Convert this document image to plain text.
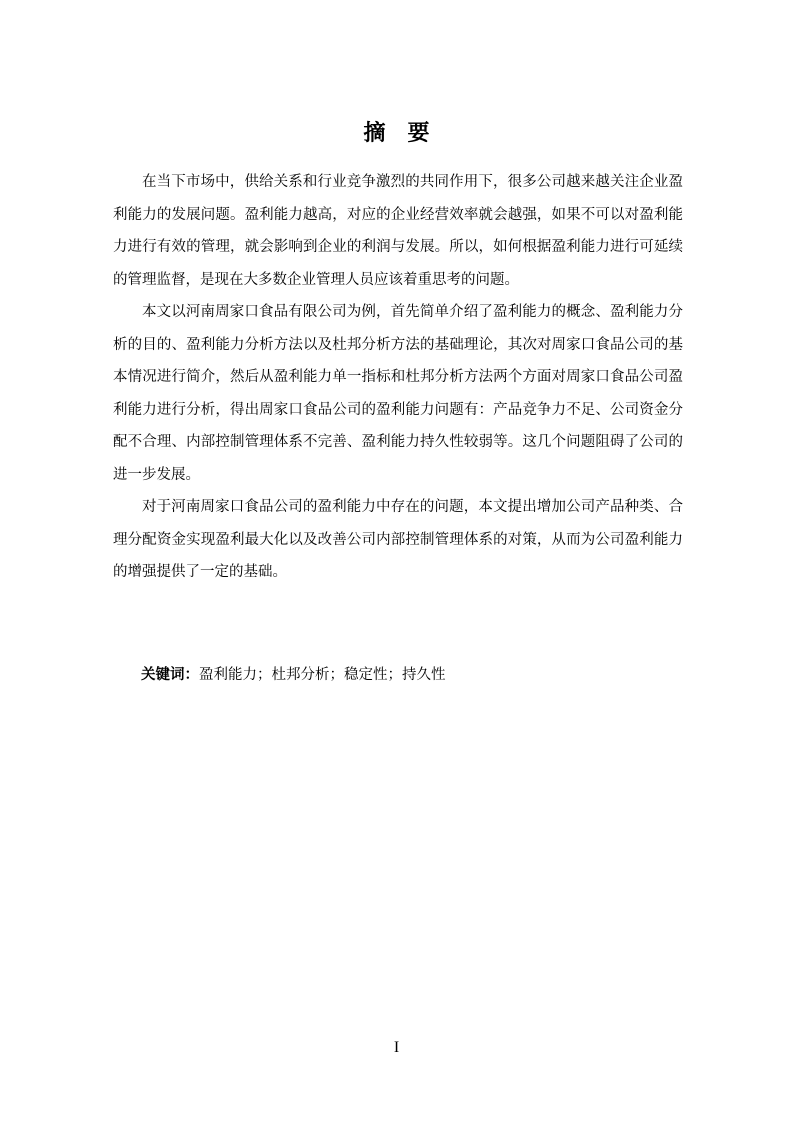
摘要

在当下市场中，供给关系和行业竞争激烈的共同作用下，很多公司越来越关注企业盈利能力的发展问题。盈利能力越高，对应的企业经营效率就会越强，如果不可以对盈利能力进行有效的管理，就会影响到企业的利润与发展。所以，如何根据盈利能力进行可延续的管理监督，是现在大多数企业管理人员应该着重思考的问题。

本文以河南周家口食品有限公司为例，首先简单介绍了盈利能力的概念、盈利能力分析的目的、盈利能力分析方法以及杜邦分析方法的基础理论，其次对周家口食品公司的基本情况进行简介，然后从盈利能力单一指标和杜邦分析方法两个方面对周家口食品公司盈利能力进行分析，得出周家口食品公司的盈利能力问题有：产品竞争力不足、公司资金分配不合理、内部控制管理体系不完善、盈利能力持久性较弱等。这几个问题阻碍了公司的进一步发展。

对于河南周家口食品公司的盈利能力中存在的问题，本文提出增加公司产品种类、合理分配资金实现盈利最大化以及改善公司内部控制管理体系的对策，从而为公司盈利能力的增强提供了一定的基础。

关键词：盈利能力；杜邦分析；稳定性；持久性
I
